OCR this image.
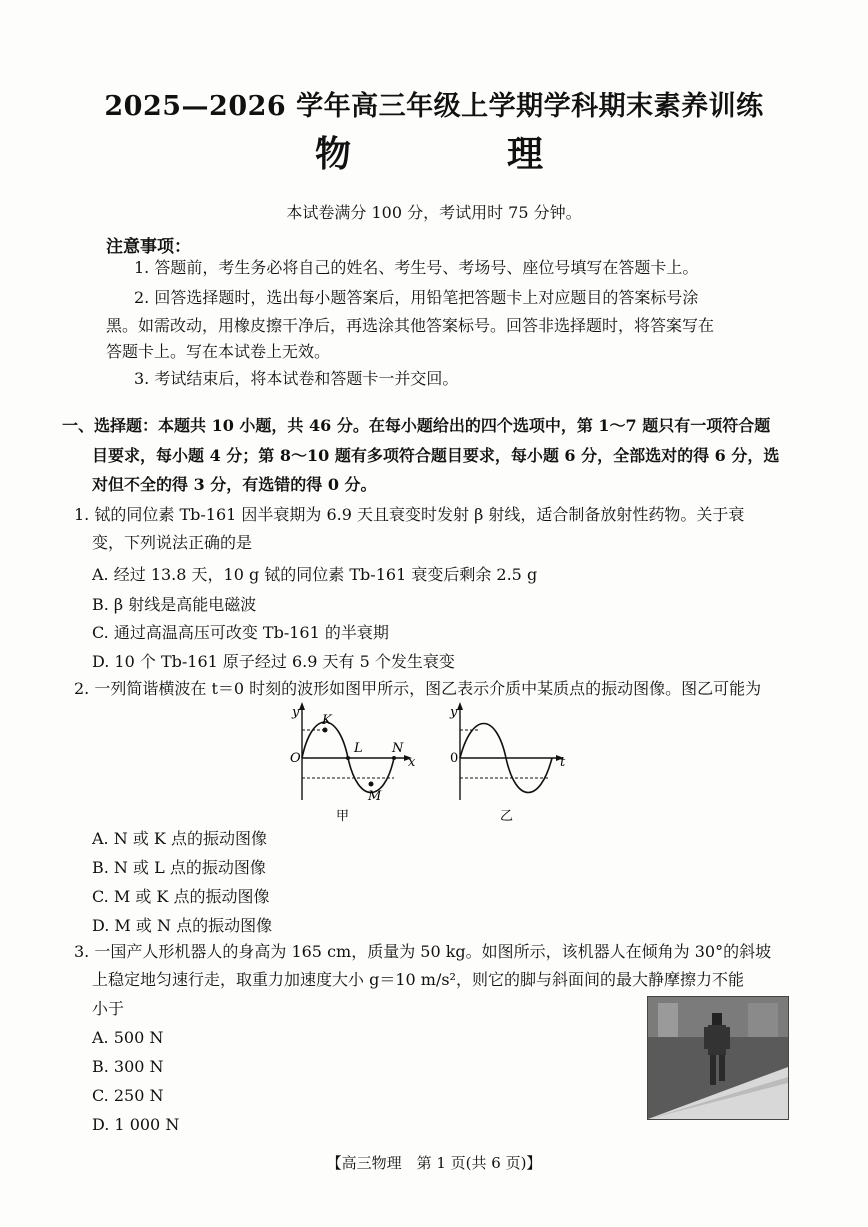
2025—2026 学年高三年级上学期学科期末素养训练
物　理
本试卷满分 100 分，考试用时 75 分钟。
注意事项：
1. 答题前，考生务必将自己的姓名、考生号、考场号、座位号填写在答题卡上。
2. 回答选择题时，选出每小题答案后，用铅笔把答题卡上对应题目的答案标号涂
黑。如需改动，用橡皮擦干净后，再选涂其他答案标号。回答非选择题时，将答案写在
答题卡上。写在本试卷上无效。
3. 考试结束后，将本试卷和答题卡一并交回。
一、选择题：本题共 10 小题，共 46 分。在每小题给出的四个选项中，第 1～7 题只有一项符合题
目要求，每小题 4 分；第 8～10 题有多项符合题目要求，每小题 6 分，全部选对的得 6 分，选
对但不全的得 3 分，有选错的得 0 分。
1. 铽的同位素 Tb-161 因半衰期为 6.9 天且衰变时发射 β 射线，适合制备放射性药物。关于衰
变，下列说法正确的是
A. 经过 13.8 天，10 g 铽的同位素 Tb-161 衰变后剩余 2.5 g
B. β 射线是高能电磁波
C. 通过高温高压可改变 Tb-161 的半衰期
D. 10 个 Tb-161 原子经过 6.9 天有 5 个发生衰变
2. 一列简谐横波在 t＝0 时刻的波形如图甲所示，图乙表示介质中某质点的振动图像。图乙可能为
y
x
O
K
L N
M
甲
y
t
0
乙
A. N 或 K 点的振动图像
B. N 或 L 点的振动图像
C. M 或 K 点的振动图像
D. M 或 N 点的振动图像
3. 一国产人形机器人的身高为 165 cm，质量为 50 kg。如图所示，该机器人在倾角为 30°的斜坡
上稳定地匀速行走，取重力加速度大小 g＝10 m/s²，则它的脚与斜面间的最大静摩擦力不能
小于
A. 500 N
B. 300 N
C. 250 N
D. 1 000 N
【高三物理　第 1 页(共 6 页)】
